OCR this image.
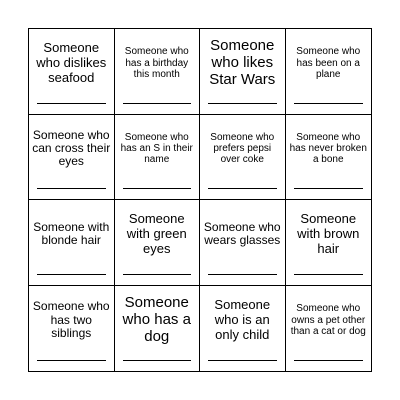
Someone who dislikes seafood
Someone who has a birthday this month
Someone who likes Star Wars
Someone who has been on a plane
Someone who can cross their eyes
Someone who has an S in their name
Someone who prefers pepsi over coke
Someone who has never broken a bone
Someone with blonde hair
Someone with green eyes
Someone who wears glasses
Someone with brown hair
Someone who has two siblings
Someone who has a dog
Someone who is an only child
Someone who owns a pet other than a cat or dog
